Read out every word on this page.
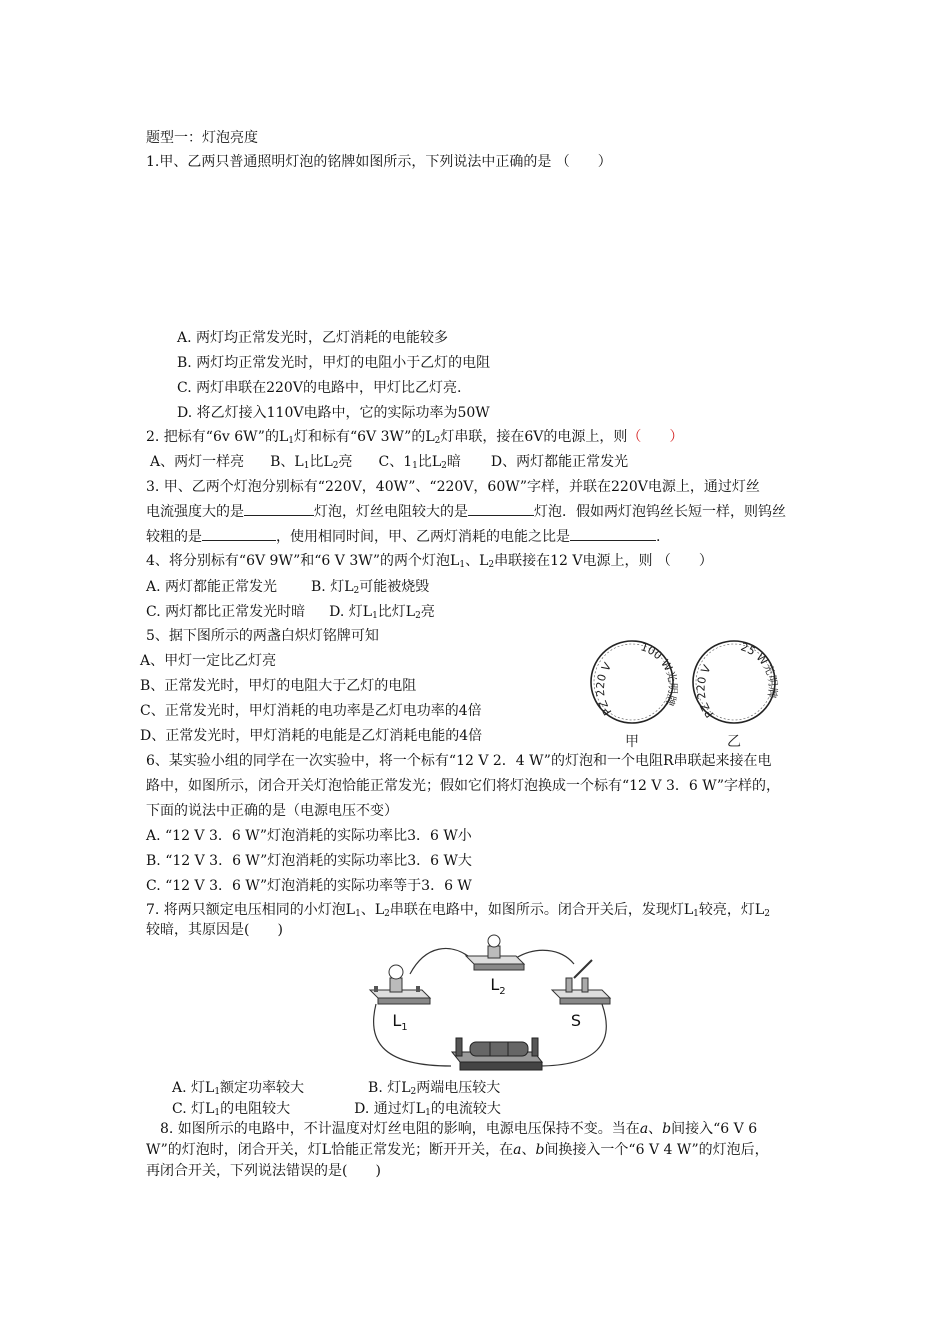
题型一：灯泡亮度
1.甲、乙两只普通照明灯泡的铭牌如图所示，下列说法中正确的是 （　　）
A. 两灯均正常发光时，乙灯消耗的电能较多
B. 两灯均正常发光时，甲灯的电阻小于乙灯的电阻
C. 两灯串联在220V的电路中，甲灯比乙灯亮.
D. 将乙灯接入110V电路中，它的实际功率为50W
2. 把标有“6v 6W”的$L_1$灯和标有“6V 3W”的$L_2$灯串联，接在6V的电源上，则（　　）
A、两灯一样亮 B、$L_1$比$L_2$亮 C、$1_1$比$L_2$暗 D、两灯都能正常发光
3. 甲、乙两个灯泡分别标有“220V，40W”、“220V，60W”字样，并联在220V电源上，通过灯丝
电流强度大的是	灯泡，灯丝电阻较大的是	灯泡．假如两灯泡钨丝长短一样，则钨丝
较粗的是	，使用相同时间，甲、乙两灯消耗的电能之比是	.
4、将分别标有“6V 9W”和“6 V 3W”的两个灯泡$L_1$、$L_2$串联接在12 V电源上，则 （　　）
A. 两灯都能正常发光 B. 灯$L_2$可能被烧毁
C. 两灯都比正常发光时暗 D. 灯$L_1$比灯$L_2$亮
5、据下图所示的两盏白炽灯铭牌可知
A、甲灯一定比乙灯亮
B、正常发光时，甲灯的电阻大于乙灯的电阻
C、正常发光时，甲灯消耗的电功率是乙灯电功率的4倍
D、正常发光时，甲灯消耗的电能是乙灯消耗电能的4倍
PZ 220 V
100 W光明牌
甲
PZ 220 V
25 W光明牌
乙
6、某实验小组的同学在一次实验中，将一个标有“12 V 2．4 W”的灯泡和一个电阻R串联起来接在电
路中，如图所示，闭合开关灯泡恰能正常发光；假如它们将灯泡换成一个标有“12 V 3．6 W”字样的，
下面的说法中正确的是（电源电压不变）
A. “12 V 3．6 W”灯泡消耗的实际功率比3．6 W小
B. “12 V 3．6 W”灯泡消耗的实际功率比3．6 W大
C. “12 V 3．6 W”灯泡消耗的实际功率等于3．6 W
7. 将两只额定电压相同的小灯泡$L_1$、$L_2$串联在电路中，如图所示。闭合开关后，发现灯$L_1$较亮，灯$L_2$
较暗，其原因是(　　)
$L_1$
$L_2$
S
A. 灯$L_1$额定功率较大	B. 灯$L_2$两端电压较大
C. 灯$L_1$的电阻较大	D. 通过灯$L_1$的电流较大
8. 如图所示的电路中，不计温度对灯丝电阻的影响，电源电压保持不变。当在a、b间接入“6 V 6
W”的灯泡时，闭合开关，灯L恰能正常发光；断开开关，在a、b间换接入一个“6 V 4 W”的灯泡后，
再闭合开关，下列说法错误的是(　　)
